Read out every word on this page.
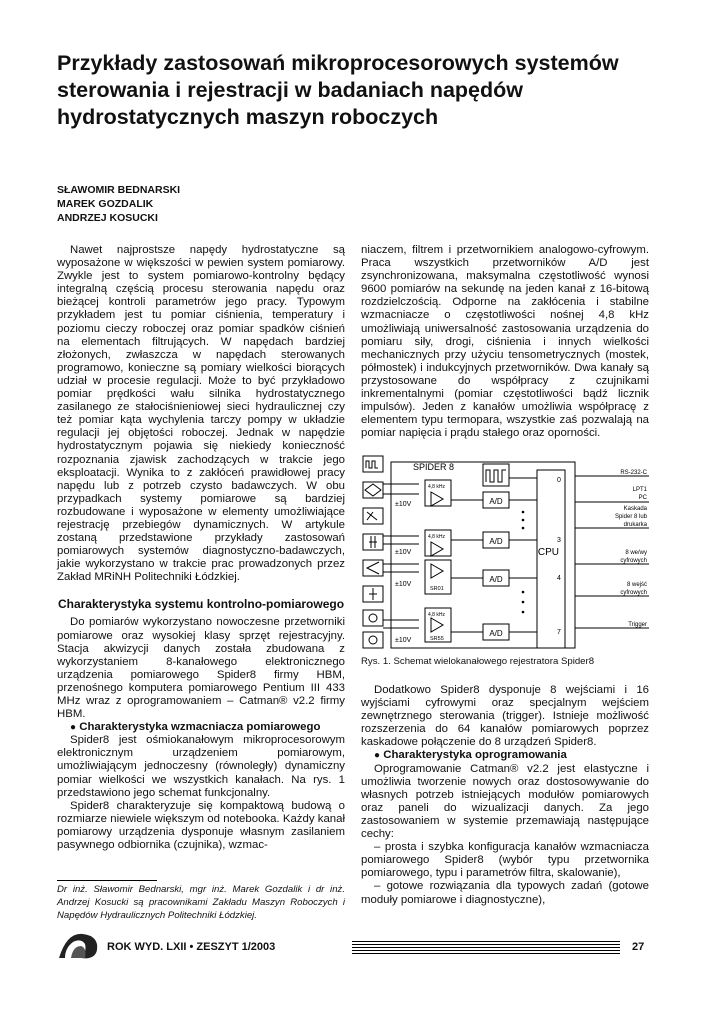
Przykłady zastosowań mikroprocesorowych systemów sterowania i rejestracji w badaniach napędów hydrostatycznych maszyn roboczych
SŁAWOMIR BEDNARSKI
MAREK GOZDALIK
ANDRZEJ KOSUCKI

Nawet najprostsze napędy hydrostatyczne są wyposażone w większości w pewien system pomiarowy. Zwykle jest to system pomiarowo-kontrolny będący integralną częścią procesu sterowania napędu oraz bieżącej kontroli parametrów jego pracy. Typowym przykładem jest tu pomiar ciśnienia, temperatury i poziomu cieczy roboczej oraz pomiar spadków ciśnień na elementach filtrujących. W napędach bardziej złożonych, zwłaszcza w napędach sterowanych programowo, konieczne są pomiary wielkości biorących udział w procesie regulacji. Może to być przykładowo pomiar prędkości wału silnika hydrostatycznego zasilanego ze stałociśnieniowej sieci hydraulicznej czy też pomiar kąta wychylenia tarczy pompy w układzie regulacji jej objętości roboczej. Jednak w napędzie hydrostatycznym pojawia się niekiedy konieczność rozpoznania zjawisk zachodzących w trakcie jego eksploatacji. Wynika to z zakłóceń prawidłowej pracy napędu lub z potrzeb czysto badawczych. W obu przypadkach systemy pomiarowe są bardziej rozbudowane i wyposażone w elementy umożliwiające rejestrację przebiegów dynamicznych. W artykule zostaną przedstawione przykłady zastosowań pomiarowych systemów diagnostyczno-badawczych, jakie wykorzystano w trakcie prac prowadzonych przez Zakład MRiNH Politechniki Łódzkiej.

Charakterystyka systemu kontrolno-pomiarowego

Do pomiarów wykorzystano nowoczesne przetworniki pomiarowe oraz wysokiej klasy sprzęt rejestracyjny. Stacja akwizycji danych została zbudowana z wykorzystaniem 8-kanałowego elektronicznego urządzenia pomiarowego Spider8 firmy HBM, przenośnego komputera pomiarowego Pentium III 433 MHz wraz z oprogramowaniem – Catman® v2.2 firmy HBM.

● Charakterystyka wzmacniacza pomiarowego

Spider8 jest ośmiokanałowym mikroprocesorowym elektronicznym urządzeniem pomiarowym, umożliwiającym jednoczesny (równoległy) dynamiczny pomiar wielkości we wszystkich kanałach. Na rys. 1 przedstawiono jego schemat funkcjonalny.

Spider8 charakteryzuje się kompaktową budową o rozmiarze niewiele większym od notebooka. Każdy kanał pomiarowy urządzenia dysponuje własnym zasilaniem pasywnego odbiornika (czujnika), wzmac-

Dr inż. Sławomir Bednarski, mgr inż. Marek Gozdalik i dr inż. Andrzej Kosucki są pracownikami Zakładu Maszyn Roboczych i Napędów Hydraulicznych Politechniki Łódzkiej.

niaczem, filtrem i przetwornikiem analogowo-cyfrowym. Praca wszystkich przetworników A/D jest zsynchronizowana, maksymalna częstotliwość wynosi 9600 pomiarów na sekundę na jeden kanał z 16-bitową rozdzielczością. Odporne na zakłócenia i stabilne wzmacniacze o częstotliwości nośnej 4,8 kHz umożliwiają uniwersalność zastosowania urządzenia do pomiaru siły, drogi, ciśnienia i innych wielkości mechanicznych przy użyciu tensometrycznych (mostek, półmostek) i indukcyjnych przetworników. Dwa kanały są przystosowane do współpracy z czujnikami inkrementalnymi (pomiar częstotliwości bądź licznik impulsów). Jeden z kanałów umożliwia współpracę z elementem typu termopara, wszystkie zaś pozwalają na pomiar napięcia i prądu stałego oraz oporności.

SPIDER 8
CPU
±10V
±10V
±10V
±10V
4,8 kHz
A/D
4,8 kHz	A/D
SR01
A/D
4,8 kHz
SR55
A/D
0
3
4
7
RS-232-C
LPT1
PC
Kaskada
Spider 8 lub
drukarka
8 we/wy
cyfrowych
8 wejść
cyfrowych
Trigger
Rys. 1. Schemat wielokanałowego rejestratora Spider8

Dodatkowo Spider8 dysponuje 8 wejściami i 16 wyjściami cyfrowymi oraz specjalnym wejściem zewnętrznego sterowania (trigger). Istnieje możliwość rozszerzenia do 64 kanałów pomiarowych poprzez kaskadowe połączenie do 8 urządzeń Spider8.

● Charakterystyka oprogramowania

Oprogramowanie Catman® v2.2 jest elastyczne i umożliwia tworzenie nowych oraz dostosowywanie do własnych potrzeb istniejących modułów pomiarowych oraz paneli do wizualizacji danych. Za jego zastosowaniem w systemie przemawiają następujące cechy:

– prosta i szybka konfiguracja kanałów wzmacniacza pomiarowego Spider8 (wybór typu przetwornika pomiarowego, typu i parametrów filtra, skalowanie),

– gotowe rozwiązania dla typowych zadań (gotowe moduły pomiarowe i diagnostyczne),

ROK WYD. LXII • ZESZYT 1/2003	27
